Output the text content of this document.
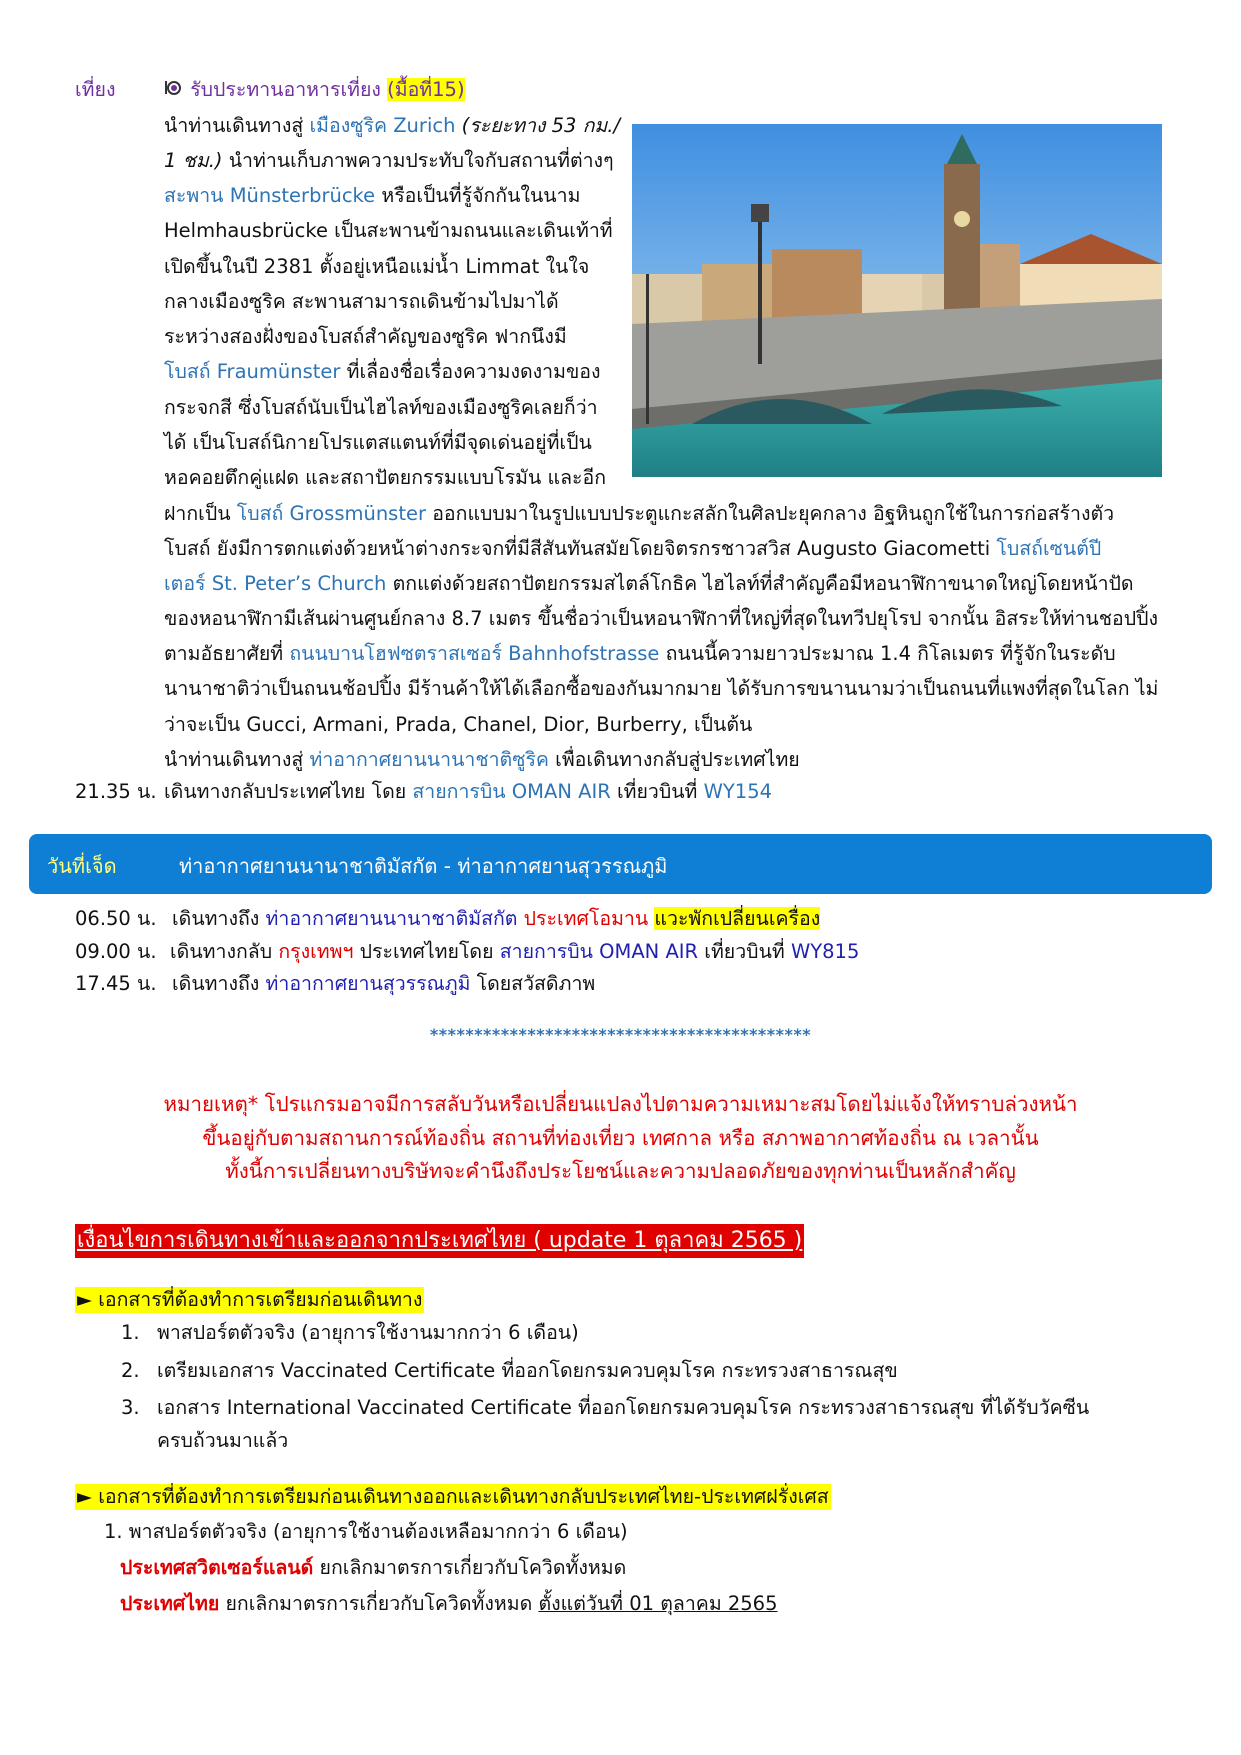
เที่ยง	รับประทานอาหารเที่ยง (มื้อที่15)
นำท่านเดินทางสู่ เมืองซูริค Zurich (ระยะทาง 53 กม./
1 ชม.) นำท่านเก็บภาพความประทับใจกับสถานที่ต่างๆ
สะพาน Münsterbrücke หรือเป็นที่รู้จักกันในนาม
Helmhausbrücke เป็นสะพานข้ามถนนและเดินเท้าที่
เปิดขึ้นในปี 2381 ตั้งอยู่เหนือแม่น้ำ Limmat ในใจ
กลางเมืองซูริค สะพานสามารถเดินข้ามไปมาได้
ระหว่างสองฝั่งของโบสถ์สำคัญของซูริค ฟากนึงมี
โบสถ์ Fraumünster ที่เลื่องชื่อเรื่องความงดงามของ
กระจกสี ซึ่งโบสถ์นับเป็นไฮไลท์ของเมืองซูริคเลยก็ว่า
ได้ เป็นโบสถ์นิกายโปรแตสแตนท์ที่มีจุดเด่นอยู่ที่เป็น
หอคอยตึกคู่แฝด และสถาปัตยกรรมแบบโรมัน และอีก
ฝากเป็น โบสถ์ Grossmünster ออกแบบมาในรูปแบบประตูแกะสลักในศิลปะยุคกลาง อิฐหินถูกใช้ในการก่อสร้างตัว
โบสถ์ ยังมีการตกแต่งด้วยหน้าต่างกระจกที่มีสีสันทันสมัยโดยจิตรกรชาวสวิส Augusto Giacometti โบสถ์เซนต์ปี
เตอร์ St. Peter’s Church ตกแต่งด้วยสถาปัตยกรรมสไตล์โกธิค ไฮไลท์ที่สำคัญคือมีหอนาฬิกาขนาดใหญ่โดยหน้าปัด
ของหอนาฬิกามีเส้นผ่านศูนย์กลาง 8.7 เมตร ขึ้นชื่อว่าเป็นหอนาฬิกาที่ใหญ่ที่สุดในทวีปยุโรป จากนั้น อิสระให้ท่านชอปปิ้ง
ตามอัธยาศัยที่ ถนนบานโฮฟซตราสเซอร์ Bahnhofstrasse ถนนนี้ความยาวประมาณ 1.4 กิโลเมตร ที่รู้จักในระดับ
นานาชาติว่าเป็นถนนช้อปปิ้ง มีร้านค้าให้ได้เลือกซื้อของกันมากมาย ได้รับการขนานนามว่าเป็นถนนที่แพงที่สุดในโลก ไม่
ว่าจะเป็น Gucci, Armani, Prada, Chanel, Dior, Burberry, เป็นต้น
นำท่านเดินทางสู่ ท่าอากาศยานนานาชาติซูริค เพื่อเดินทางกลับสู่ประเทศไทย
21.35 น. เดินทางกลับประเทศไทย โดย สายการบิน OMAN AIR เที่ยวบินที่ WY154
วันที่เจ็ด	ท่าอากาศยานนานาชาติมัสกัต - ท่าอากาศยานสุวรรณภูมิ
06.50 น. เดินทางถึง ท่าอากาศยานนานาชาติมัสกัต ประเทศโอมาน แวะพักเปลี่ยนเครื่อง
09.00 น. เดินทางกลับ กรุงเทพฯ ประเทศไทยโดย สายการบิน OMAN AIR เที่ยวบินที่ WY815
17.45 น. เดินทางถึง ท่าอากาศยานสุวรรณภูมิ โดยสวัสดิภาพ
*******************************************
หมายเหตุ* โปรแกรมอาจมีการสลับวันหรือเปลี่ยนแปลงไปตามความเหมาะสมโดยไม่แจ้งให้ทราบล่วงหน้า
ขึ้นอยู่กับตามสถานการณ์ท้องถิ่น สถานที่ท่องเที่ยว เทศกาล หรือ สภาพอากาศท้องถิ่น ณ เวลานั้น
ทั้งนี้การเปลี่ยนทางบริษัทจะคำนึงถึงประโยชน์และความปลอดภัยของทุกท่านเป็นหลักสำคัญ
เงื่อนไขการเดินทางเข้าและออกจากประเทศไทย ( update 1 ตุลาคม 2565 )
► เอกสารที่ต้องทำการเตรียมก่อนเดินทาง
1. พาสปอร์ตตัวจริง (อายุการใช้งานมากกว่า 6 เดือน)
2. เตรียมเอกสาร Vaccinated Certificate ที่ออกโดยกรมควบคุมโรค กระทรวงสาธารณสุข
3. เอกสาร International Vaccinated Certificate ที่ออกโดยกรมควบคุมโรค กระทรวงสาธารณสุข ที่ได้รับวัคซีน
ครบถ้วนมาแล้ว
► เอกสารที่ต้องทำการเตรียมก่อนเดินทางออกและเดินทางกลับประเทศไทย-ประเทศฝรั่งเศส
1. พาสปอร์ตตัวจริง (อายุการใช้งานต้องเหลือมากกว่า 6 เดือน)
ประเทศสวิตเซอร์แลนด์ ยกเลิกมาตรการเกี่ยวกับโควิดทั้งหมด
ประเทศไทย ยกเลิกมาตรการเกี่ยวกับโควิดทั้งหมด ตั้งแต่วันที่ 01 ตุลาคม 2565
